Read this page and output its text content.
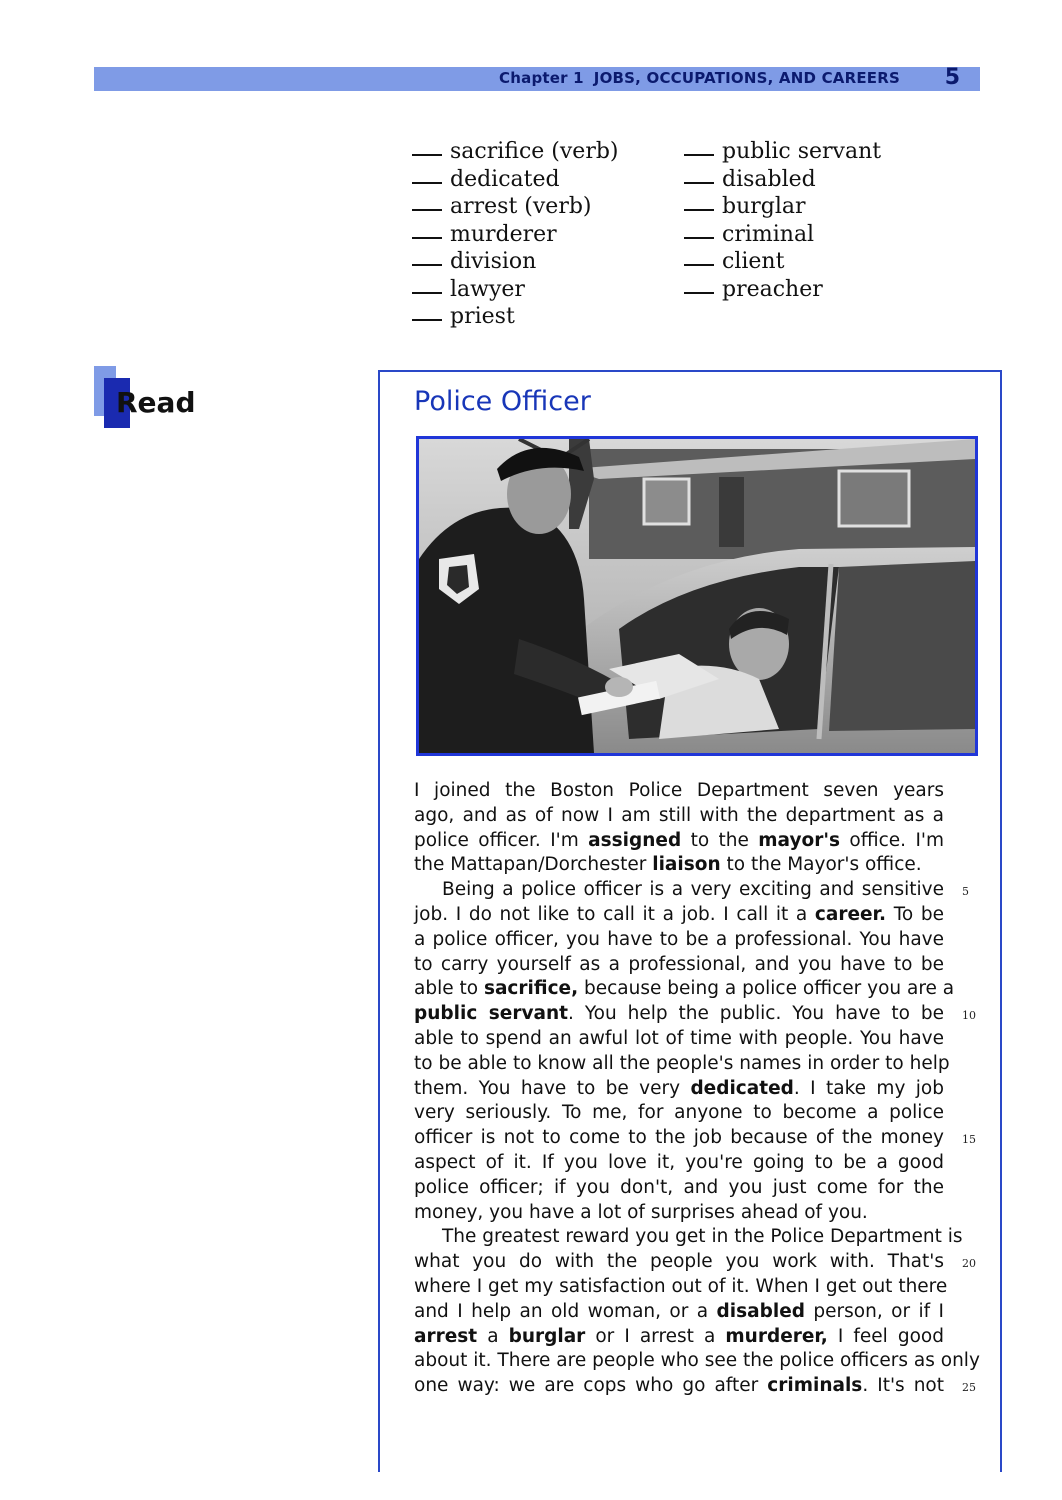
Chapter 1 JOBS, OCCUPATIONS, AND CAREERS 5
sacrifice (verb)
dedicated
arrest (verb)
murderer
division
lawyer
priest
public servant
disabled
burglar
criminal
client
preacher
Read	Police Officer
I joined the Boston Police Department seven years
ago, and as of now I am still with the department as a
police officer. I'm assigned to the mayor's office. I'm
the Mattapan/Dorchester liaison to the Mayor's office.
Being a police officer is a very exciting and sensitive
job. I do not like to call it a job. I call it a career. To be
a police officer, you have to be a professional. You have
to carry yourself as a professional, and you have to be
able to sacrifice, because being a police officer you are a
public servant. You help the public. You have to be
able to spend an awful lot of time with people. You have
to be able to know all the people's names in order to help
them. You have to be very dedicated. I take my job
very seriously. To me, for anyone to become a police
officer is not to come to the job because of the money
aspect of it. If you love it, you're going to be a good
police officer; if you don't, and you just come for the
money, you have a lot of surprises ahead of you.
The greatest reward you get in the Police Department is
what you do with the people you work with. That's
where I get my satisfaction out of it. When I get out there
and I help an old woman, or a disabled person, or if I
arrest a burglar or I arrest a murderer, I feel good
about it. There are people who see the police officers as only
one way: we are cops who go after criminals. It's not
5
10
15
20
25
